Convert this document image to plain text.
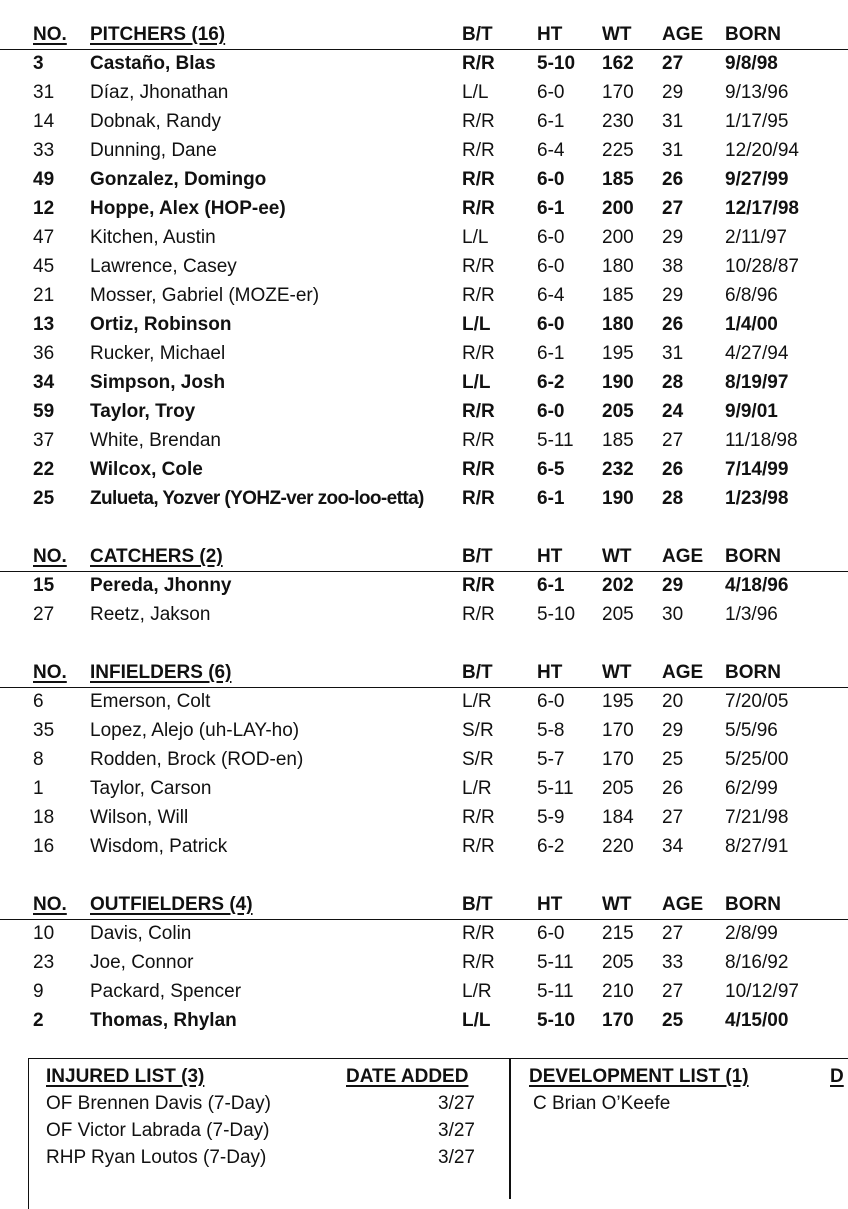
NO. PITCHERS (16)	B/T HT WT AGE BORN
3 Castaño, Blas	R/R 5-10 162 27 9/8/98
31 Díaz, Jhonathan	L/L	6-0 170 29 9/13/96
14 Dobnak, Randy	R/R 6-1 230 31 1/17/95
33 Dunning, Dane	R/R 6-4 225 31 12/20/94
49 Gonzalez, Domingo	R/R 6-0 185 26 9/27/99
12 Hoppe, Alex (HOP-ee)	R/R 6-1 200 27 12/17/98
47 Kitchen, Austin	L/L	6-0 200 29 2/11/97
45 Lawrence, Casey	R/R 6-0 180 38 10/28/87
21 Mosser, Gabriel (MOZE-er)	R/R 6-4 185 29 6/8/96
13 Ortiz, Robinson	L/L 6-0 180 26 1/4/00
36 Rucker, Michael	R/R 6-1 195 31 4/27/94
34 Simpson, Josh	L/L 6-2 190 28 8/19/97
59 Taylor, Troy	R/R 6-0 205 24 9/9/01
37 White, Brendan	R/R 5-11 185 27 11/18/98
22 Wilcox, Cole	R/R 6-5 232 26 7/14/99
25 Zulueta, Yozver (YOHZ-ver zoo-loo-etta) R/R 6-1 190 28 1/23/98
NO. CATCHERS (2)	B/T HT WT AGE BORN
15 Pereda, Jhonny	R/R 6-1 202 29 4/18/96
27 Reetz, Jakson	R/R 5-10 205 30 1/3/96
NO. INFIELDERS (6)	B/T HT WT AGE BORN
6 Emerson, Colt	L/R 6-0 195 20 7/20/05
35 Lopez, Alejo (uh-LAY-ho)	S/R 5-8 170 29 5/5/96
8 Rodden, Brock (ROD-en)	S/R 5-7 170 25 5/25/00
1 Taylor, Carson	L/R 5-11 205 26 6/2/99
18 Wilson, Will	R/R 5-9 184 27 7/21/98
16 Wisdom, Patrick	R/R 6-2 220 34 8/27/91
NO. OUTFIELDERS (4)	B/T HT WT AGE BORN
10 Davis, Colin	R/R 6-0 215 27 2/8/99
23 Joe, Connor	R/R 5-11 205 33 8/16/92
9 Packard, Spencer	L/R 5-11 210 27 10/12/97
2 Thomas, Rhylan	L/L 5-10 170 25 4/15/00
INJURED LIST (3)	DATE ADDED
OF Brennen Davis (7-Day)	3/27
OF Victor Labrada (7-Day)	3/27
RHP Ryan Loutos (7-Day)	3/27
DEVELOPMENT LIST (1)	D
C Brian O’Keefe
